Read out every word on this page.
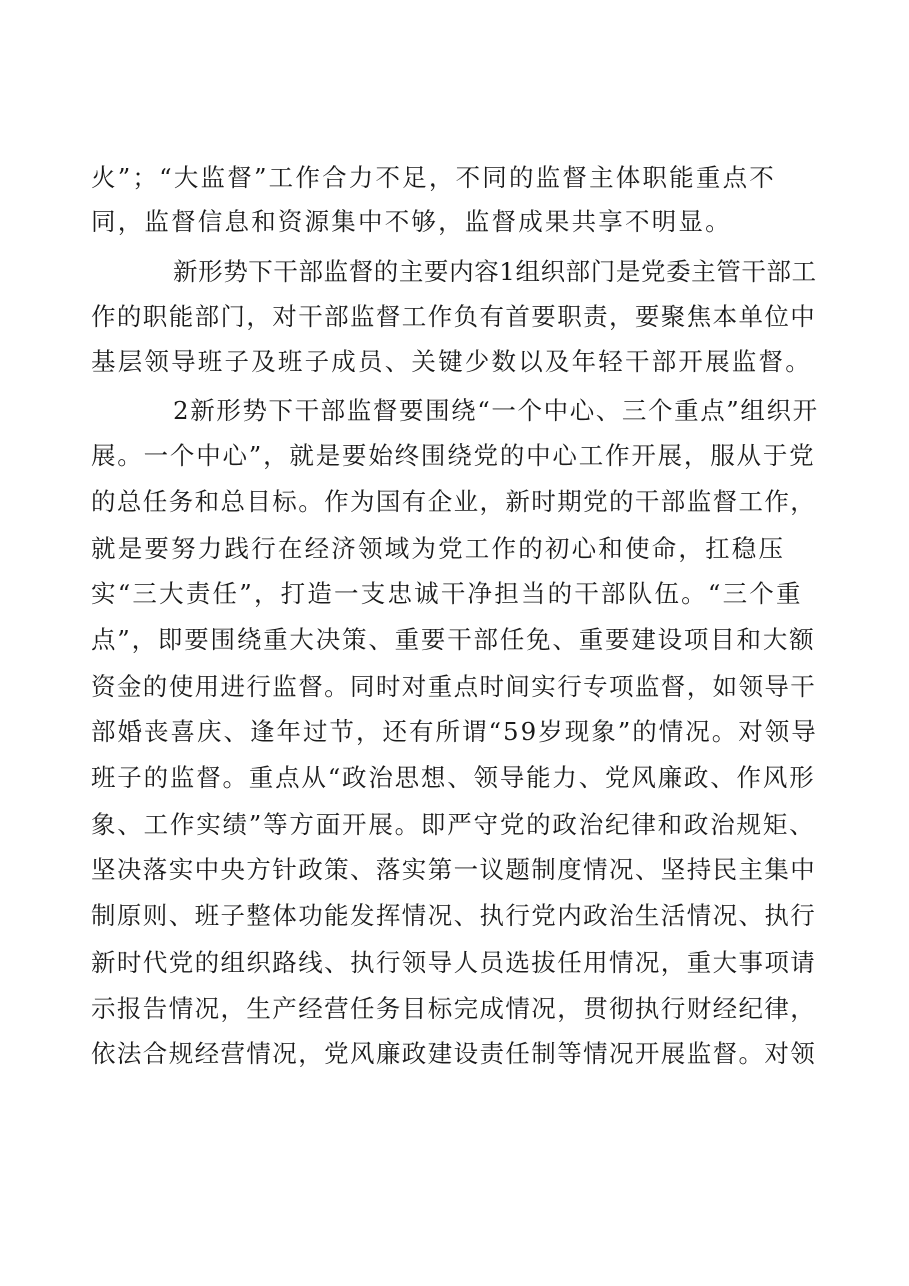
火”；“大监督”工作合力不足，不同的监督主体职能重点不
同，监督信息和资源集中不够，监督成果共享不明显。
新形势下干部监督的主要内容1组织部门是党委主管干部工
作的职能部门，对干部监督工作负有首要职责，要聚焦本单位中
基层领导班子及班子成员、关键少数以及年轻干部开展监督。
2新形势下干部监督要围绕“一个中心、三个重点”组织开
展。一个中心”，就是要始终围绕党的中心工作开展，服从于党
的总任务和总目标。作为国有企业，新时期党的干部监督工作，
就是要努力践行在经济领域为党工作的初心和使命，扛稳压
实“三大责任”，打造一支忠诚干净担当的干部队伍。“三个重
点”，即要围绕重大决策、重要干部任免、重要建设项目和大额
资金的使用进行监督。同时对重点时间实行专项监督，如领导干
部婚丧喜庆、逢年过节，还有所谓“59岁现象”的情况。对领导
班子的监督。重点从“政治思想、领导能力、党风廉政、作风形
象、工作实绩”等方面开展。即严守党的政治纪律和政治规矩、
坚决落实中央方针政策、落实第一议题制度情况、坚持民主集中
制原则、班子整体功能发挥情况、执行党内政治生活情况、执行
新时代党的组织路线、执行领导人员选拔任用情况，重大事项请
示报告情况，生产经营任务目标完成情况，贯彻执行财经纪律，
依法合规经营情况，党风廉政建设责任制等情况开展监督。对领
